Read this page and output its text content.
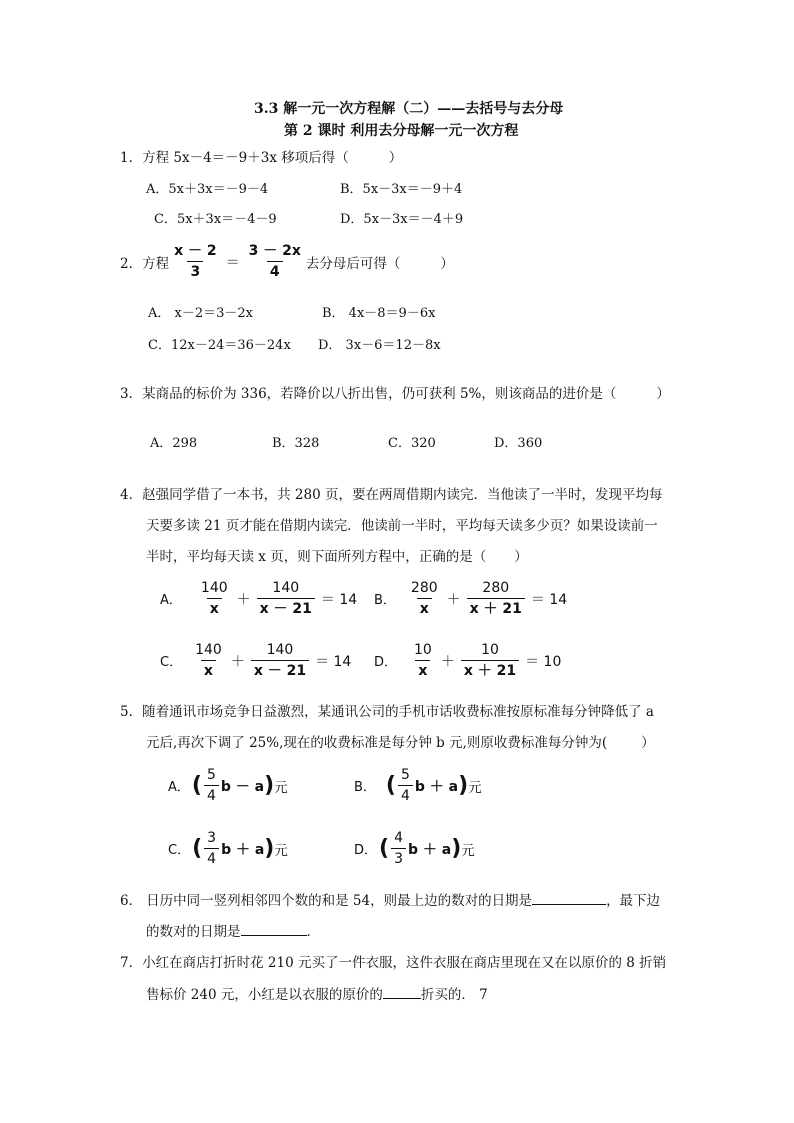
3.3 解一元一次方程解（二）——去括号与去分母
第 2 课时 利用去分母解一元一次方程
1．方程 5x－4＝－9＋3x 移项后得（	）
A．5x＋3x＝－9－4	B．5x－3x＝－9＋4
C．5x＋3x＝－4－9	D．5x－3x＝－4＋9
2． 方程 $\frac{x - 2}{3} = \frac{3 - 2x}{4}$ 去分母后可得（	）
A． x－2＝3－2x	B． 4x－8＝9－6x
C．12x－24＝36－24x D． 3x－6＝12－8x
3．某商品的标价为 336，若降价以八折出售，仍可获利 5%，则该商品的进价是（	）
A．298	B．328	C．320	D．360
4．赵强同学借了一本书，共 280 页，要在两周借期内读完．当他读了一半时，发现平均每
天要多读 21 页才能在借期内读完．他读前一半时，平均每天读多少页？如果设读前一
半时，平均每天读 x 页，则下面所列方程中，正确的是（ ）
A． $\frac{140}{x} + \frac{140}{x - 21} = 14$ B． $\frac{280}{x} + \frac{280}{x + 21} = 14$
C． $\frac{140}{x} + \frac{140}{x - 21} = 14$ D． $\frac{10}{x} + \frac{10}{x + 21} = 10$
5．随着通讯市场竞争日益激烈，某通讯公司的手机市话收费标准按原标准每分钟降低了 a
元后,再次下调了 25%,现在的收费标准是每分钟 b 元,则原收费标准每分钟为(	）
A． ( $\frac{5}{4}$ b － a ) 元	B． ( $\frac{5}{4}$ b ＋ a ) 元
C． ( $\frac{3}{4}$ b ＋ a ) 元	D． ( $\frac{4}{3}$ b ＋ a ) 元
6． 日历中同一竖列相邻四个数的和是 54，则最上边的数对的日期是	，最下边
的数对的日期是	．
7．小红在商店打折时花 210 元买了一件衣服，这件衣服在商店里现在又在以原价的 8 折销
售标价 240 元，小红是以衣服的原价的	折买的． 7
